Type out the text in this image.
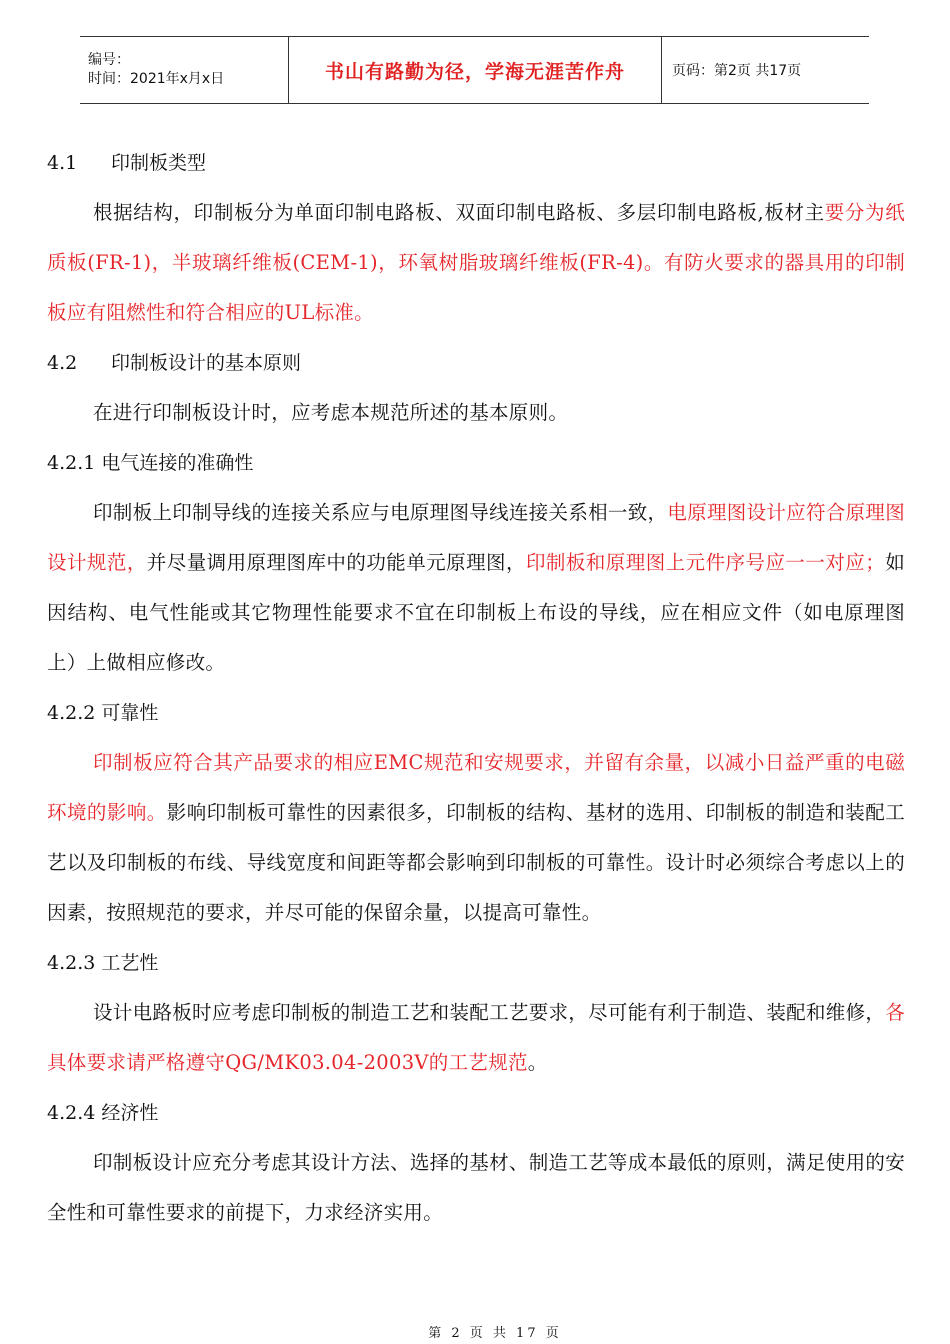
编号：
时间：2021年x月x日	书山有路勤为径，学海无涯苦作舟	页码：第2页 共17页
4.1 印制板类型

根据结构，印制板分为单面印制电路板、双面印制电路板、多层印制电路板,板材主要分为纸质板(FR-1)，半玻璃纤维板(CEM-1)，环氧树脂玻璃纤维板(FR-4)。有防火要求的器具用的印制板应有阻燃性和符合相应的UL标准。

4.2 印制板设计的基本原则

在进行印制板设计时，应考虑本规范所述的基本原则。

4.2.1 电气连接的准确性

印制板上印制导线的连接关系应与电原理图导线连接关系相一致，电原理图设计应符合原理图设计规范，并尽量调用原理图库中的功能单元原理图，印制板和原理图上元件序号应一一对应；如因结构、电气性能或其它物理性能要求不宜在印制板上布设的导线，应在相应文件（如电原理图上）上做相应修改。

4.2.2 可靠性

印制板应符合其产品要求的相应EMC规范和安规要求，并留有余量，以减小日益严重的电磁环境的影响。影响印制板可靠性的因素很多，印制板的结构、基材的选用、印制板的制造和装配工艺以及印制板的布线、导线宽度和间距等都会影响到印制板的可靠性。设计时必须综合考虑以上的因素，按照规范的要求，并尽可能的保留余量，以提高可靠性。

4.2.3 工艺性

设计电路板时应考虑印制板的制造工艺和装配工艺要求，尽可能有利于制造、装配和维修，各具体要求请严格遵守QG/MK03.04-2003V的工艺规范。

4.2.4 经济性

印制板设计应充分考虑其设计方法、选择的基材、制造工艺等成本最低的原则，满足使用的安全性和可靠性要求的前提下，力求经济实用。

第 2 页 共 17 页
